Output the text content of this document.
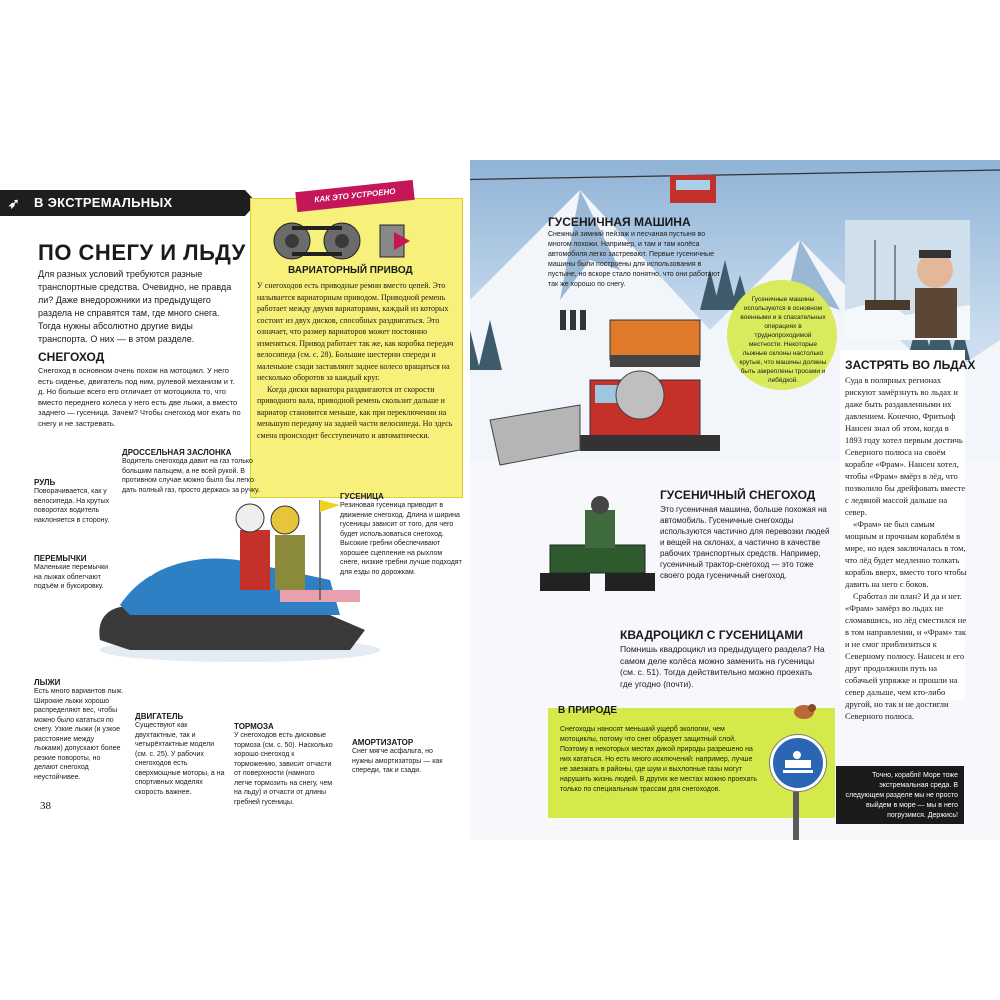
➶	В ЭКСТРЕМАЛЬНЫХ УСЛОВИЯХ
ПО СНЕГУ И ЛЬДУ
Для разных условий требуются разные транспортные средства. Очевидно, не правда ли? Даже внедорожники из предыдущего раздела не справятся там, где много снега. Тогда нужны абсолютно другие виды транспорта. О них — в этом разделе.
СНЕГОХОД
Снегоход в основном очень похож на мотоцикл. У него есть сиденье, двигатель под ним, рулевой механизм и т. д. Но больше всего его отличает от мотоцикла то, что вместо переднего колеса у него есть две лыжи, а вместо заднего — гусеница. Зачем? Чтобы снегоход мог ехать по снегу и не застревать.
КАК ЭТО УСТРОЕНО
ВАРИАТОРНЫЙ ПРИВОД
У снегоходов есть приводные ремни вместо цепей. Это называется вариаторным приводом. Приводной ремень работает между двумя вариаторами, каждый из которых состоит из двух дисков, способных раздвигаться. Это означает, что размер вариаторов может постоянно изменяться. Привод работает так же, как коробка передач велосипеда (см. с. 28). Большие шестерни спереди и маленькие сзади заставляют заднее колесо вращаться на несколько оборотов за каждый круг.
Когда диски вариатора раздвигаются от скорости приводного вала, приводной ремень скользит дальше и вариатор становится меньше, как при переключении на меньшую передачу на задней части велосипеда. Но здесь смена происходит бесступенчато и автоматически.
ДРОССЕЛЬНАЯ ЗАСЛОНКА
Водитель снегохода давит на газ только большим пальцем, а не всей рукой. В противном случае можно было бы легко дать полный газ, просто держась за ручку.
РУЛЬ
Поворачивается, как у велосипеда. На крутых поворотах водитель наклоняется в сторону.
ПЕРЕМЫЧКИ
Маленькие перемычки на лыжах облегчают подъём и буксировку.
ЛЫЖИ
Есть много вариантов лыж. Широкие лыжи хорошо распределяют вес, чтобы можно было кататься по снегу. Узкие лыжи (и узкое расстояние между лыжами) допускают более резкие повороты, но делают снегоход неустойчивее.
ДВИГАТЕЛЬ
Существуют как двухтактные, так и четырёхтактные модели (см. с. 25). У рабочих снегоходов есть сверхмощные моторы, а на спортивных моделях скорость важнее.
ТОРМОЗА
У снегоходов есть дисковые тормоза (см. с. 50). Насколько хорошо снегоход к торможению, зависит отчасти от поверхности (намного легче тормозить на снегу, чем на льду) и отчасти от длины гребней гусеницы.
АМОРТИЗАТОР
Снег мягче асфальта, но нужны амортизаторы — как спереди, так и сзади.
ГУСЕНИЦА
Резиновая гусеница приводит в движение снегоход. Длина и ширина гусеницы зависит от того, для чего будет использоваться снегоход. Высокие гребни обеспечивают хорошее сцепление на рыхлом снеге, низкие гребни лучше подходят для езды по дорожкам.
ГУСЕНИЧНАЯ МАШИНА
Снежный зимний пейзаж и песчаная пустыня во многом похожи. Например, и там и там колёса автомобиля легко застревают. Первые гусеничные машины были построены для использования в пустыне, но вскоре стало понятно, что они работают так же хорошо по снегу.
Гусеничные машины используются в основном военными и в спасательных операциях в труднопроходимой местности. Некоторые лыжные склоны настолько крутые, что машины должны быть закреплены тросами и лебёдкой.
ГУСЕНИЧНЫЙ СНЕГОХОД
Это гусеничная машина, больше похожая на автомобиль. Гусеничные снегоходы используются частично для перевозки людей и вещей на склонах, а частично в качестве рабочих транспортных средств. Например, гусеничный трактор-снегоход — это тоже своего рода гусеничный снегоход.
КВАДРОЦИКЛ С ГУСЕНИЦАМИ
Помнишь квадроцикл из предыдущего раздела? На самом деле колёса можно заменить на гусеницы (см. с. 51). Тогда действительно можно проехать где угодно (почти).
ЗАСТРЯТЬ ВО ЛЬДАХ
Суда в полярных регионах рискуют замёрзнуть во льдах и даже быть раздавленными их давлением. Конечно, Фритьоф Нансен знал об этом, когда в 1893 году хотел первым достичь Северного полюса на своём корабле «Фрам». Нансен хотел, чтобы «Фрам» вмёрз в лёд, что позволило бы дрейфовать вместе с ледяной массой дальше на север.
«Фрам» не был самым мощным и прочным кораблём в мире, но идея заключалась в том, что лёд будет медленно толкать корабль вверх, вместо того чтобы давить на него с боков.
Сработал ли план? И да и нет. «Фрам» замёрз во льдах не сломавшись, но лёд сместился не в том направлении, и «Фрам» так и не смог приблизиться к Северному полюсу. Нансен и его друг продолжили путь на собачьей упряжке и прошли на север дальше, чем кто-либо другой, но так и не достигли Северного полюса.
В ПРИРОДЕ
Снегоходы наносят меньший ущерб экологии, чем мотоциклы, потому что снег образует защитный слой. Поэтому в некоторых местах дикой природы разрешено на них кататься. Но есть много исключений: например, лучше не заезжать в районы, где шум и выхлопные газы могут нарушить жизнь людей. В других же местах можно проехать только по специальным трассам для снегоходов.
Точно, кораблі! Море тоже экстремальная среда. В следующем разделе мы не просто выйдем в море — мы в него погрузимся. Держись!
38
